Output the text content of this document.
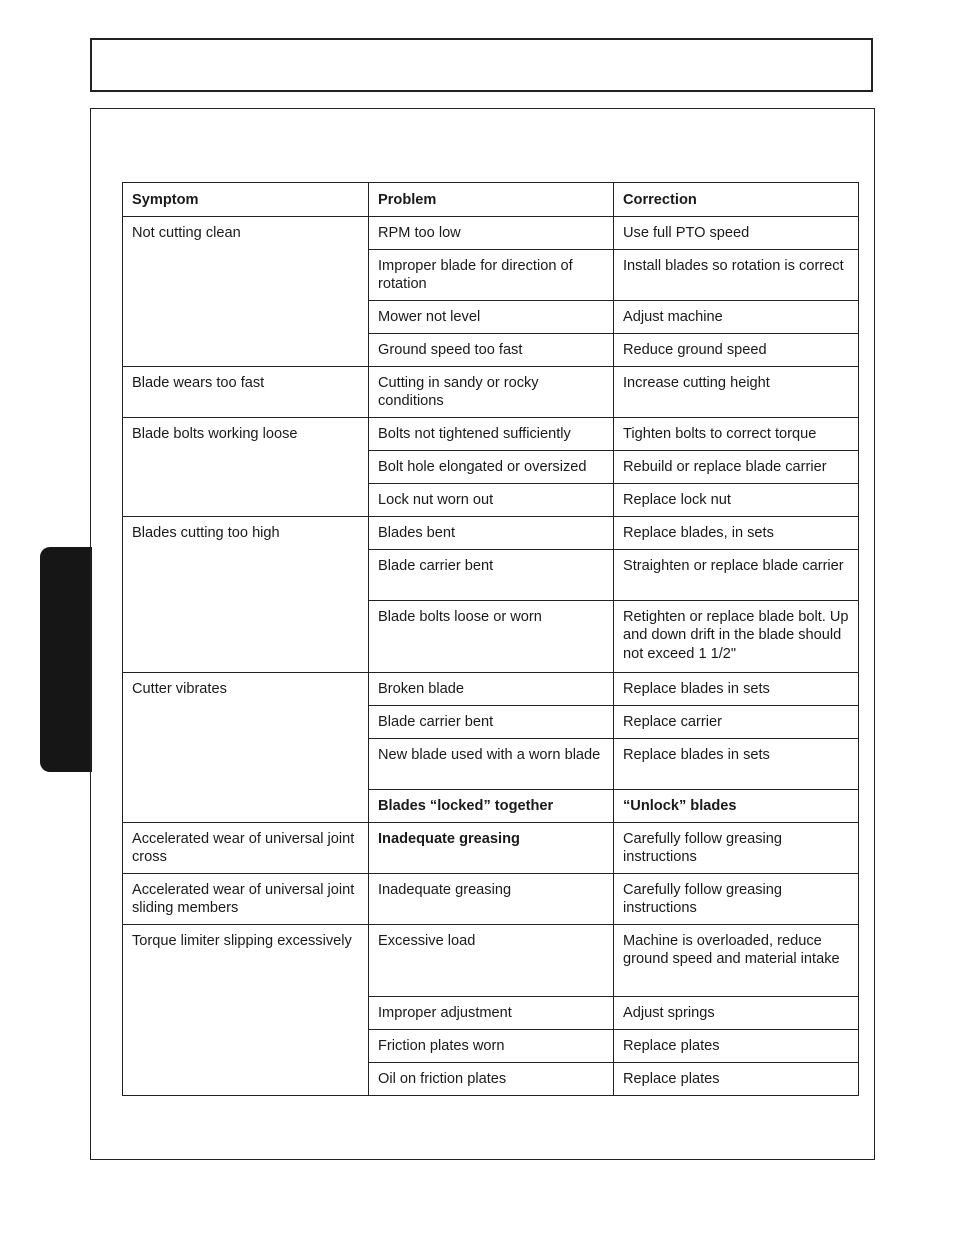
Symptom	Problem	Correction
Not cutting clean	RPM too low	Use full PTO speed
	Improper blade for direction of rotation	Install blades so rotation is correct
	Mower not level	Adjust machine
	Ground speed too fast	Reduce ground speed
Blade wears too fast	Cutting in sandy or rocky conditions	Increase cutting height
Blade bolts working loose	Bolts not tightened sufficiently	Tighten bolts to correct torque
	Bolt hole elongated or oversized	Rebuild or replace blade carrier
	Lock nut worn out	Replace lock nut
Blades cutting too high	Blades bent	Replace blades, in sets
	Blade carrier bent	Straighten or replace blade carrier
	Blade bolts loose or worn	Retighten or replace blade bolt. Up and down drift in the blade should not exceed 1 1/2"
Cutter vibrates	Broken blade	Replace blades in sets
	Blade carrier bent	Replace carrier
	New blade used with a worn blade	Replace blades in sets
	Blades “locked” together	“Unlock” blades
Accelerated wear of universal joint cross	Inadequate greasing	Carefully follow greasing instructions
Accelerated wear of universal joint sliding members	Inadequate greasing	Carefully follow greasing instructions
Torque limiter slipping excessively	Excessive load	Machine is overloaded, reduce ground speed and material intake
	Improper adjustment	Adjust springs
	Friction plates worn	Replace plates
	Oil on friction plates	Replace plates
